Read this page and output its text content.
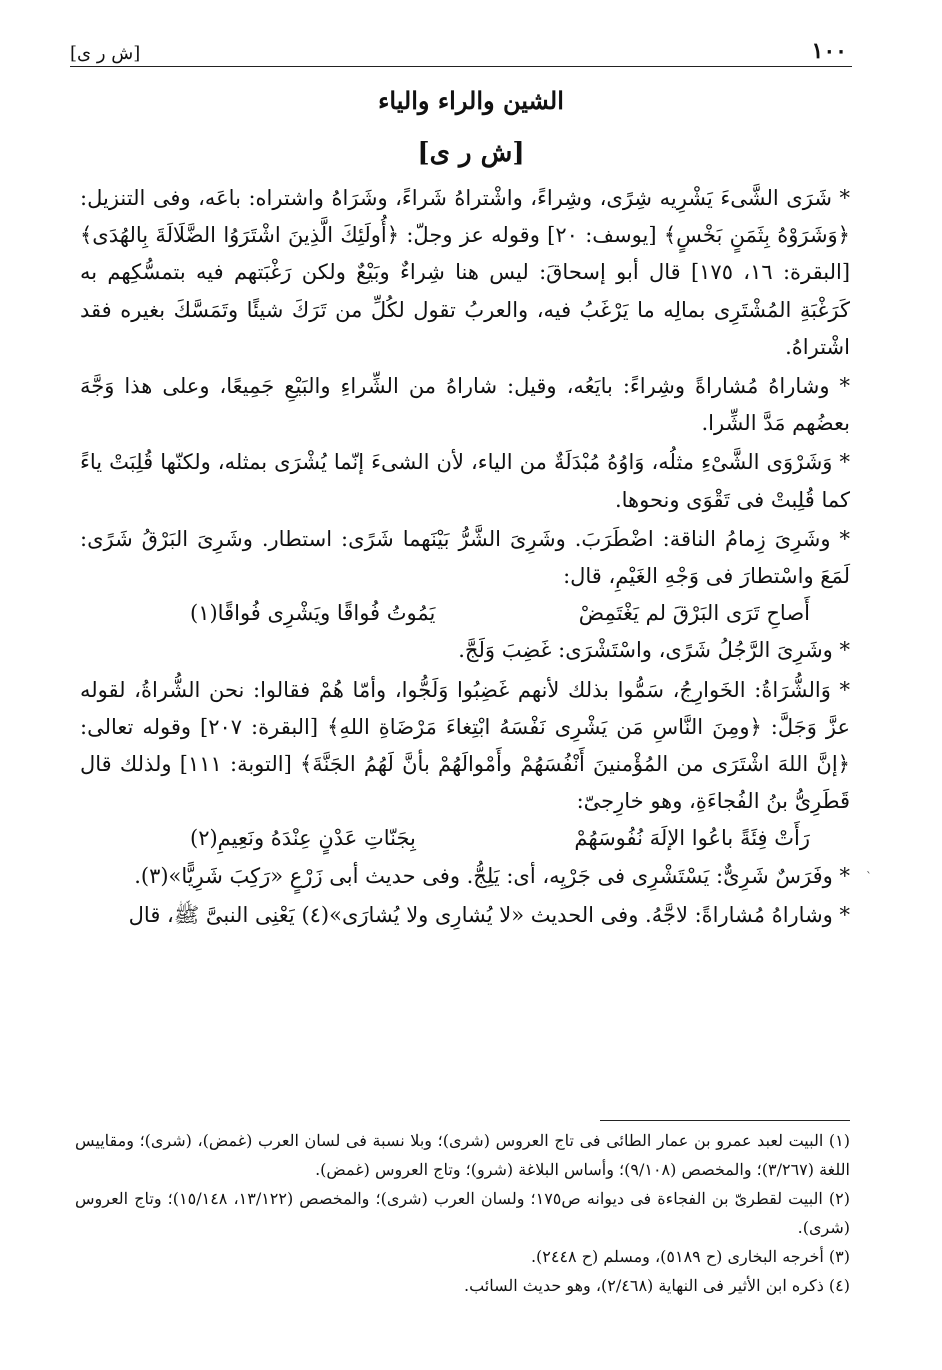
[ش ر ى]	١٠٠
الشين والراء والياء
[ش ر ى]

* شَرَى الشَّىءَ يَشْرِيه شِرًى، وشِراءً، واشْتراهُ شَراءً، وشَرَاهُ واشتراه: باعَه، وفى التنزيل: ﴿وَشَرَوْهُ بِثَمَنٍ بَخْسٍ﴾ [يوسف: ٢٠] وقوله عز وجلّ: ﴿أُولَئِكَ الَّذِينَ اشْتَرَوُا الضَّلَالَةَ بِالهُدَى﴾ [البقرة: ١٦، ١٧٥] قال أبو إسحاقَ: ليس هنا شِراءٌ وبَيْعٌ ولكن رَغْبَتهم فيه بتمسُّكِهم به كَرَغْبَةِ المُشْتَرِى بمالِه ما يَرْغَبُ فيه، والعربُ تقول لكُلِّ من تَرَكَ شيئًا وتَمَسَّكَ بغيره فقد اشْتراهُ.

* وشاراهُ مُشاراةً وشِراءً: بايَعُه، وقيل: شاراهُ من الشِّراءِ والبَيْعِ جَمِيعًا، وعلى هذا وَجَّهَ بعضُهم مَدَّ الشِّرا.

* وَشَرْوَى الشَّىْءِ مثلُه، وَاوُهُ مُبْدَلَةٌ من الياء، لأن الشىءَ إنّما يُشْرَى بمثله، ولكنّها قُلِبَتْ ياءً كما قُلِبتْ فى تَقْوَى ونحوها.

* وشَرِىَ زِمامُ الناقة: اضْطَرَبَ. وشَرِىَ الشَّرُّ بَيْنَهما شَرًى: استطار. وشَرِىَ البَرْقُ شَرًى: لَمَعَ واسْتطارَ فى وَجْهِ الغَيْمِ، قال:

أَصاحِ تَرَى البَرْقَ لم يَغْتَمِضْ
يَمُوتُ فُواقًا ويَشْرِى فُواقًا(١)

* وشَرِىَ الرَّجُلُ شَرًى، واسْتَشْرَى: غَضِبَ وَلَجَّ.

* وَالشُّرَاةُ: الخَوارِجُ، سَمُّوا بذلك لأنهم غَضِبُوا وَلَجُّوا، وأمّا هُمْ فقالوا: نحن الشُّراةُ، لقوله عزَّ وَجَلَّ: ﴿ومِنَ النَّاسِ مَن يَشْرِى نَفْسَهُ ابْتِغاءَ مَرْضَاةِ اللهِ﴾ [البقرة: ٢٠٧] وقوله تعالى: ﴿إنَّ اللهَ اشْتَرَى من المُؤْمنينَ أَنْفُسَهُمْ وأَمْوالَهُمْ بأنَّ لَهُمُ الجَنَّةَ﴾ [التوبة: ١١١] ولذلك قال قَطَرِىُّ بنُ الفُجاءَةِ، وهو خارِجىّ:

رَأَتْ فِئَةً باعُوا الإلَهَ نُفُوسَهُمْ
بِجَنّاتِ عَدْنٍ عِنْدَهُ ونَعِيمِ(٢)

* وفَرَسٌ شَرِىٌّ: يَسْتَشْرِى فى جَرْيِه، أى: يَلِجُّ. وفى حديث أبى زَرْعٍ «رَكِبَ شَرِيًّا»(٣).

* وشاراهُ مُشاراةً: لاجَّهُ. وفى الحديث «لا يُشارِى ولا يُشارَى»(٤) يَعْنِى النبىَّ ﷺ، قال

(١) البيت لعبد عمرو بن عمار الطائى فى تاج العروس (شرى)؛ وبلا نسبة فى لسان العرب (غمض)، (شرى)؛ ومقاييس اللغة (٣/٢٦٧)؛ والمخصص (٩/١٠٨)؛ وأساس البلاغة (شرو)؛ وتاج العروس (غمض).

(٢) البيت لقطرىّ بن الفجاءة فى ديوانه ص١٧٥؛ ولسان العرب (شرى)؛ والمخصص (١٣/١٢٢، ١٥/١٤٨)؛ وتاج العروس (شرى).

(٣) أخرجه البخارى (ح ٥١٨٩)، ومسلم (ح ٢٤٤٨).

(٤) ذكره ابن الأثير فى النهاية (٢/٤٦٨)، وهو حديث السائب.

ˋ
